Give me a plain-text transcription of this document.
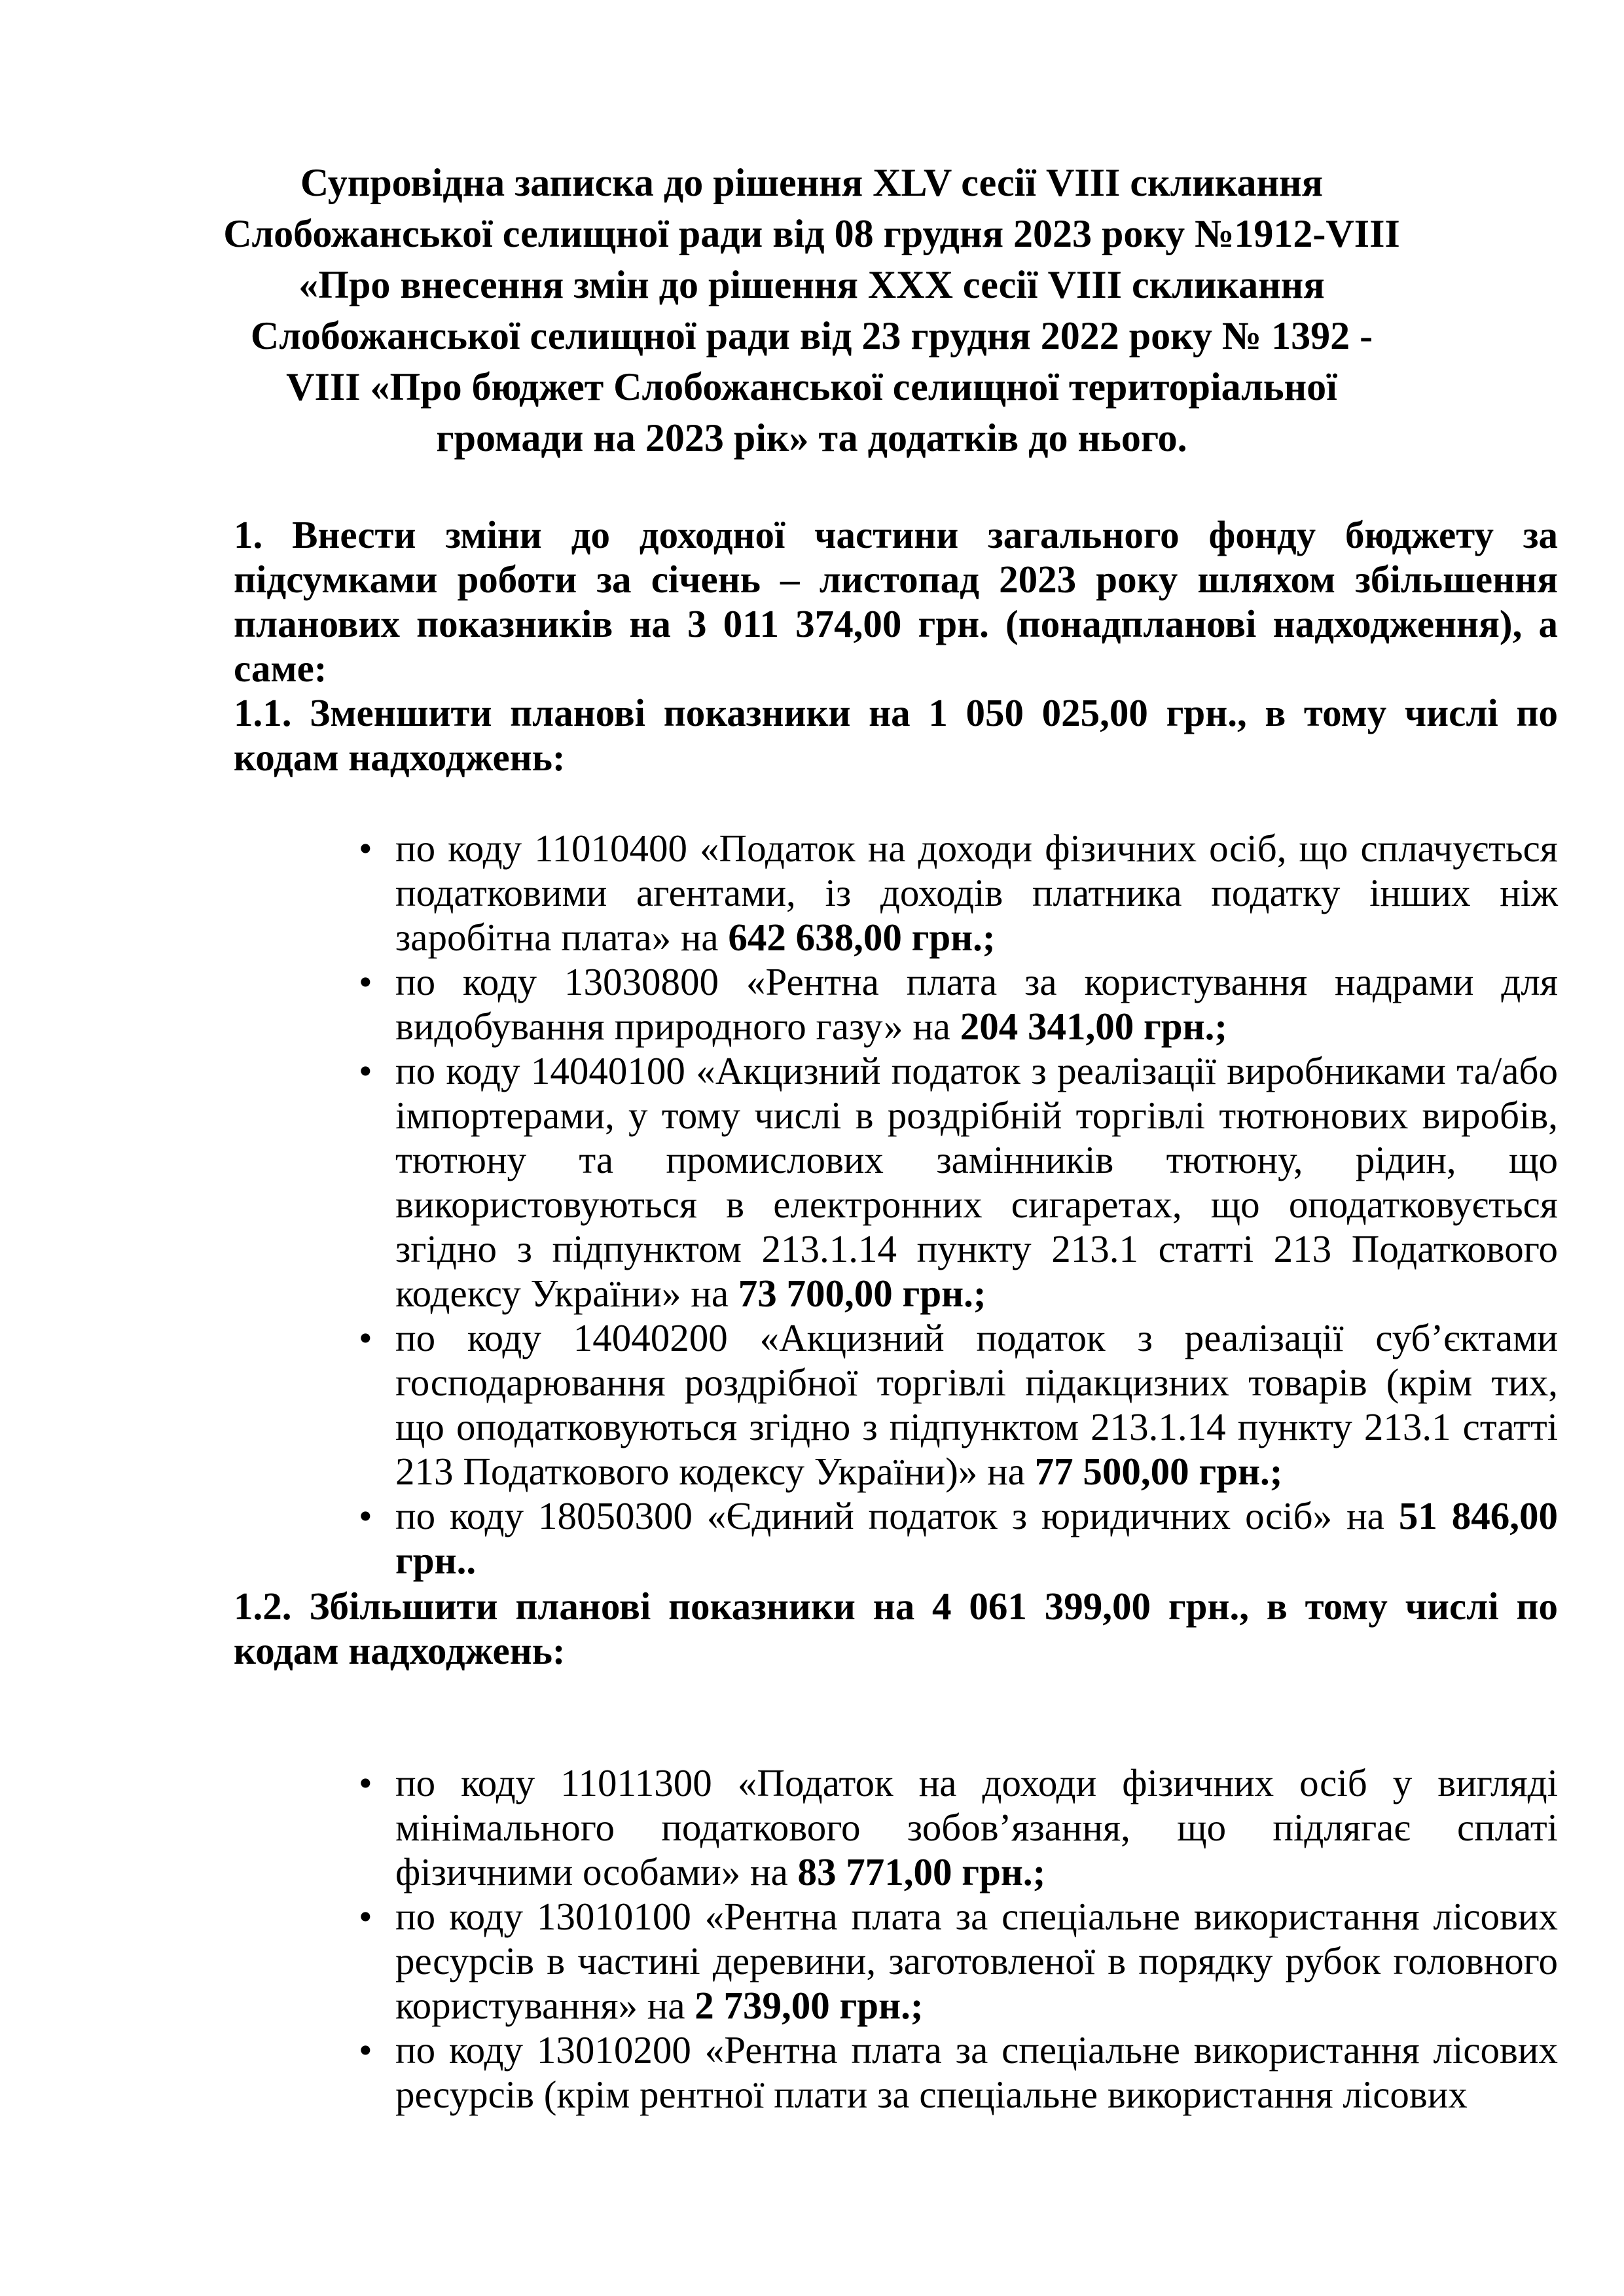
Супровідна записка до рішення XLV сесії VIII скликання
Слобожанської селищної ради від 08 грудня 2023 року №1912-VIII
«Про внесення змін до рішення XXX сесії VIII скликання
Слобожанської селищної ради від 23 грудня 2022 року № 1392 -
VIII «Про бюджет Слобожанської селищної територіальної
громади на 2023 рік» та додатків до нього.

1. Внести зміни до доходної частини загального фонду бюджету за підсумками роботи за січень – листопад 2023 року шляхом збільшення планових показників на 3 011 374,00 грн. (понадпланові надходження), а саме:

1.1. Зменшити планові показники на 1 050 025,00 грн., в тому числі по кодам надходжень:

• по коду 11010400 «Податок на доходи фізичних осіб, що сплачується податковими агентами, із доходів платника податку інших ніж заробітна плата» на 642 638,00 грн.;
• по коду 13030800 «Рентна плата за користування надрами для видобування природного газу» на 204 341,00 грн.;
• по коду 14040100 «Акцизний податок з реалізації виробниками та/або імпортерами, у тому числі в роздрібній торгівлі тютюнових виробів, тютюну та промислових замінників тютюну, рідин, що використовуються в електронних сигаретах, що оподатковується згідно з підпунктом 213.1.14 пункту 213.1 статті 213 Податкового кодексу України» на 73 700,00 грн.;
• по коду 14040200 «Акцизний податок з реалізації суб’єктами господарювання роздрібної торгівлі підакцизних товарів (крім тих, що оподатковуються згідно з підпунктом 213.1.14 пункту 213.1 статті 213 Податкового кодексу України)» на 77 500,00 грн.;
• по коду 18050300 «Єдиний податок з юридичних осіб» на 51 846,00 грн..

1.2. Збільшити планові показники на 4 061 399,00 грн., в тому числі по кодам надходжень:

• по коду 11011300 «Податок на доходи фізичних осіб у вигляді мінімального податкового зобов’язання, що підлягає сплаті фізичними особами» на 83 771,00 грн.;
• по коду 13010100 «Рентна плата за спеціальне використання лісових ресурсів в частині деревини, заготовленої в порядку рубок головного користування» на 2 739,00 грн.;
• по коду 13010200 «Рентна плата за спеціальне використання лісових ресурсів (крім рентної плати за спеціальне використання лісових
